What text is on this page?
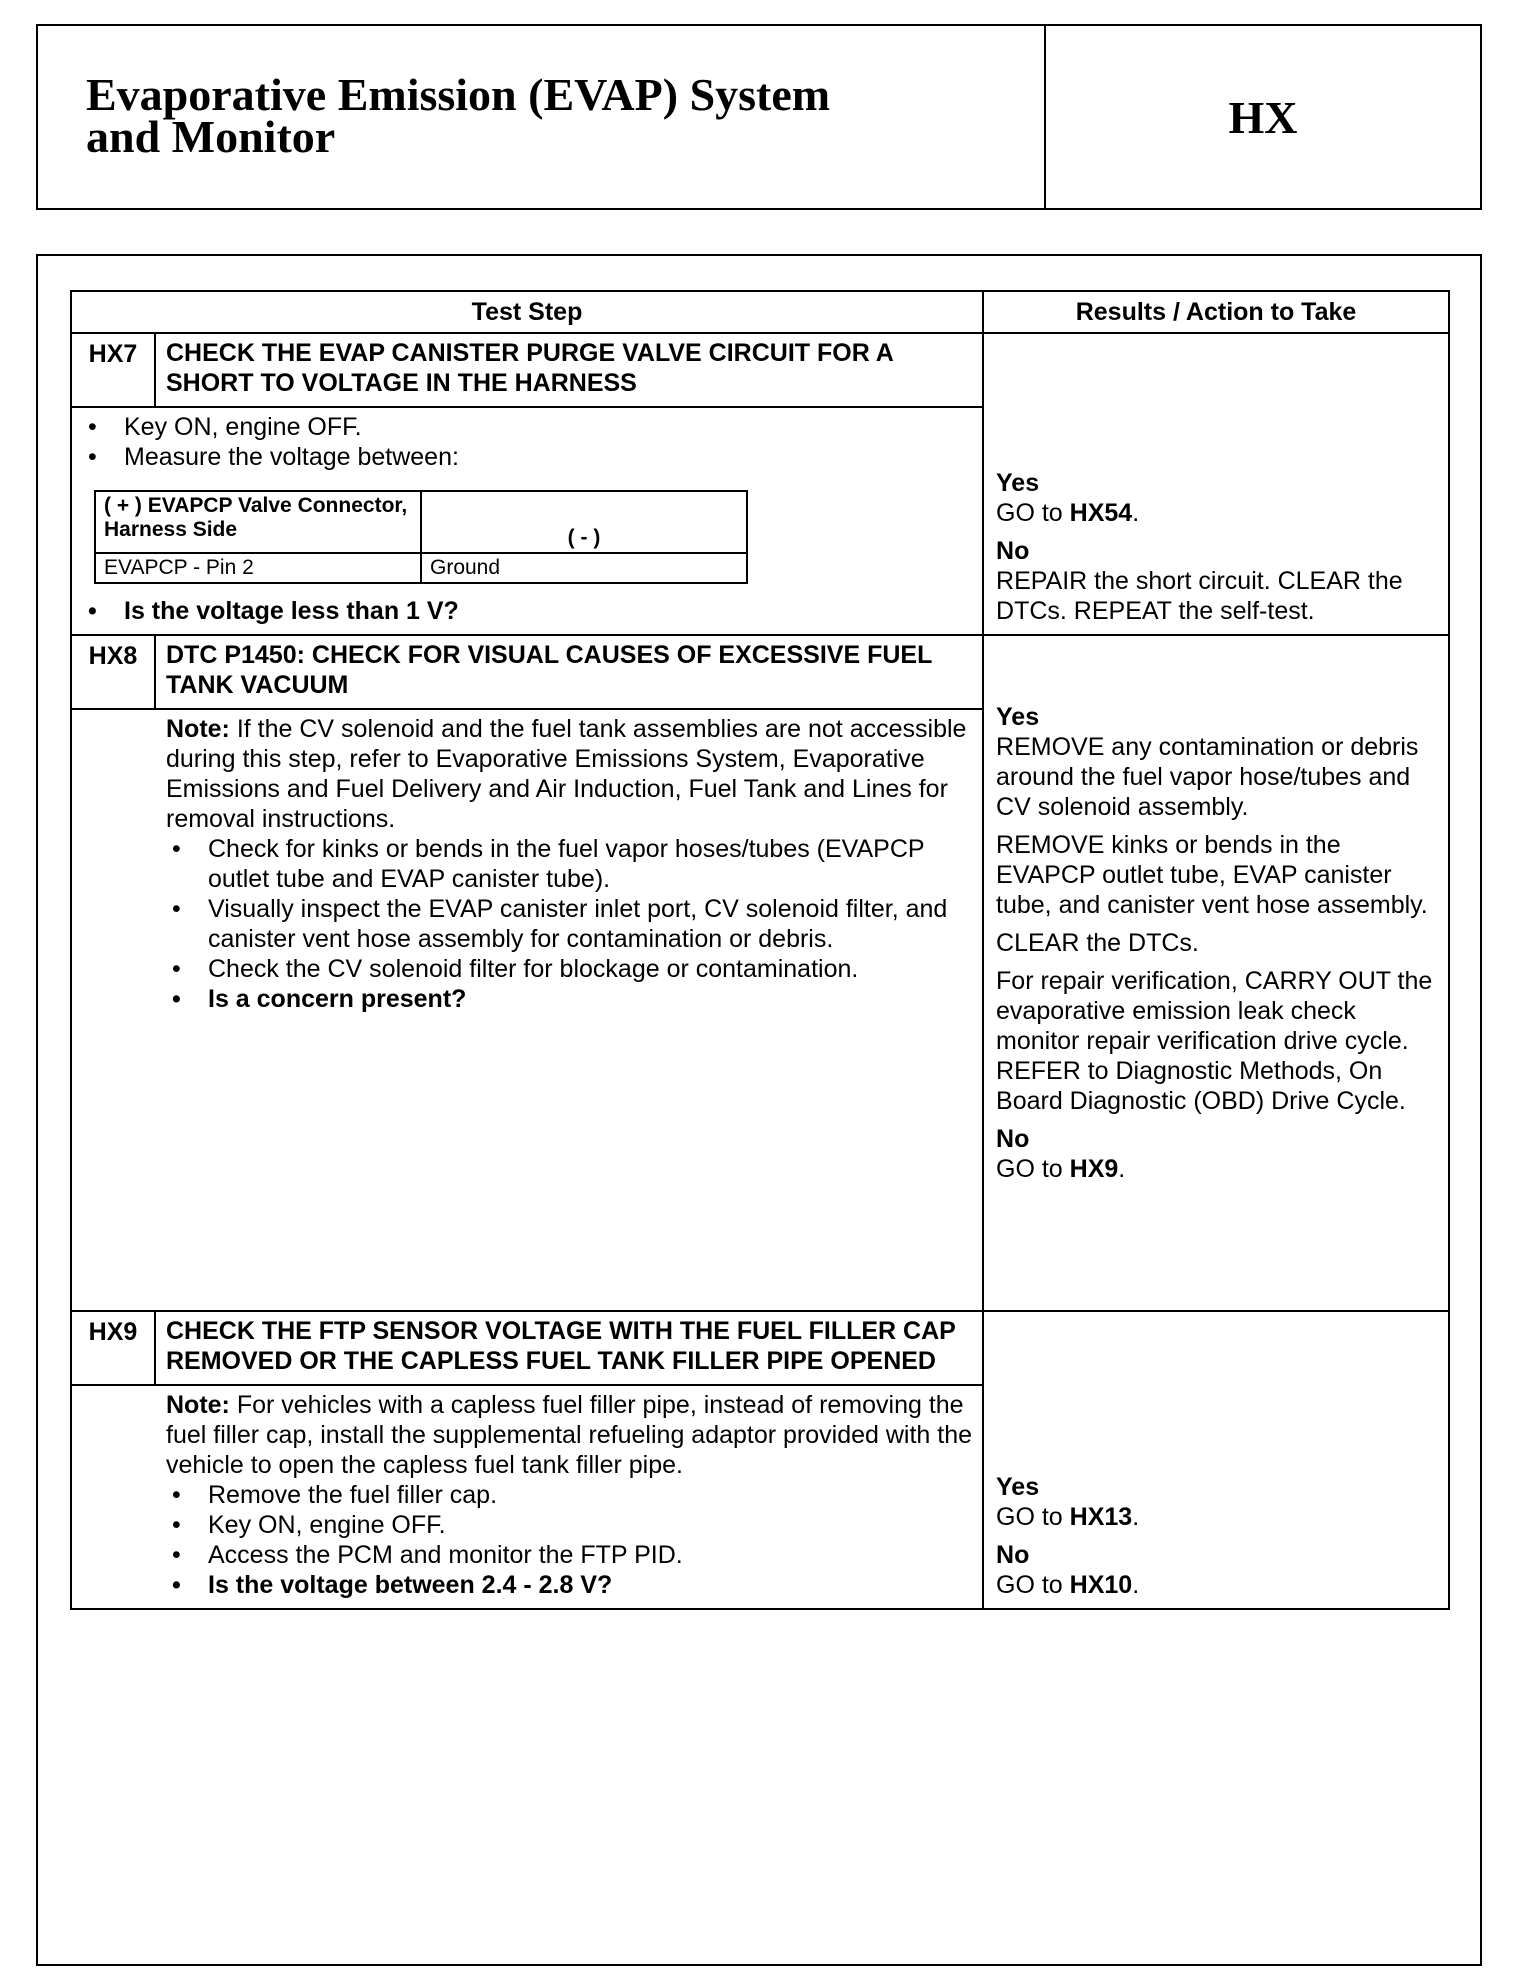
Evaporative Emission (EVAP) System
and Monitor	HX
Test Step	Results / Action to Take
HX7	CHECK THE EVAP CANISTER PURGE VALVE CIRCUIT FOR A SHORT TO VOLTAGE IN THE HARNESS	
Yes

GO to HX54.

No
REPAIR the short circuit. CLEAR the DTCs. REPEAT the self-test.

• Key ON, engine OFF.
• Measure the voltage between:
( + ) EVAPCP Valve Connector, Harness Side	( - )
EVAPCP - Pin 2	Ground
• Is the voltage less than 1 V?

HX8	DTC P1450: CHECK FOR VISUAL CAUSES OF EXCESSIVE FUEL TANK VACUUM	
Yes

REMOVE any contamination or debris around the fuel vapor hose/tubes and CV solenoid assembly.

REMOVE kinks or bends in the EVAPCP outlet tube, EVAP canister tube, and canister vent hose assembly.

CLEAR the DTCs.

For repair verification, CARRY OUT the evaporative emission leak check monitor repair verification drive cycle. REFER to Diagnostic Methods, On Board Diagnostic (OBD) Drive Cycle.

No
GO to HX9.

Note: If the CV solenoid and the fuel tank assemblies are not accessible during this step, refer to Evaporative Emissions System, Evaporative Emissions and Fuel Delivery and Air Induction, Fuel Tank and Lines for removal instructions.
• Check for kinks or bends in the fuel vapor hoses/tubes (EVAPCP outlet tube and EVAP canister tube).
• Visually inspect the EVAP canister inlet port, CV solenoid filter, and canister vent hose assembly for contamination or debris.
• Check the CV solenoid filter for blockage or contamination.
• Is a concern present?

HX9	CHECK THE FTP SENSOR VOLTAGE WITH THE FUEL FILLER CAP REMOVED OR THE CAPLESS FUEL TANK FILLER PIPE OPENED	
Yes

GO to HX13.

No
GO to HX10.

Note: For vehicles with a capless fuel filler pipe, instead of removing the fuel filler cap, install the supplemental refueling adaptor provided with the vehicle to open the capless fuel tank filler pipe.
• Remove the fuel filler cap.
• Key ON, engine OFF.
• Access the PCM and monitor the FTP PID.
• Is the voltage between 2.4 - 2.8 V?
